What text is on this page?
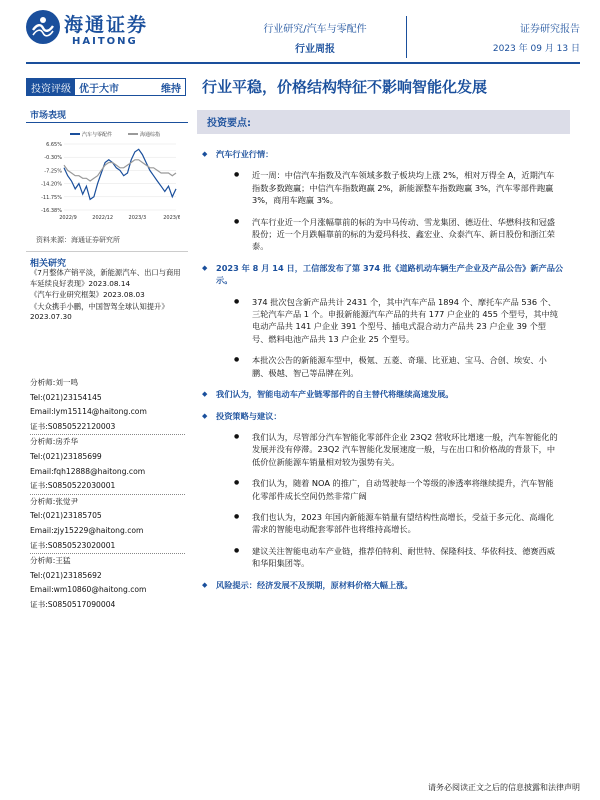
海通证券
HAITONG
行业研究/汽车与零配件
行业周报
证券研究报告
2023 年 09 月 13 日
投资评级 优于大市	维持 行业平稳，价格结构特征不影响智能化发展
市场表现
汽车与零配件	海通综指
6.65%
-0.30%
-7.25%
-14.20%
-11.75%
-16.38%
2022/9	2022/12	2023/3	2023/6
资料来源：海通证券研究所
相关研究
《7月整体产销平淡，新能源汽车、出口与商用车延续良好表现》2023.08.14
《汽车行业研究框架》2023.08.03
《大众携手小鹏，中国智驾全球认知提升》2023.07.30
分析师:刘一鸣
Tel:(021)23154145
Email:lym15114@haitong.com
证书:S0850522120003
分析师:房乔华
Tel:(021)23185699
Email:fqh12888@haitong.com
证书:S0850522030001
分析师:张觉尹
Tel:(021)23185705
Email:zjy15229@haitong.com
证书:S0850523020001
分析师:王猛
Tel:(021)23185692
Email:wm10860@haitong.com
证书:S0850517090004
投资要点:
◆ 汽车行业行情：
● 近一周：中信汽车指数及汽车领域多数子板块均上涨 2%，相对万得全 A，近期汽车指数多数跑赢；中信汽车指数跑赢 2%，新能源整车指数跑赢 3%，汽车零部件跑赢 3%，商用车跑赢 3%。
● 汽车行业近一个月涨幅靠前的标的为中马传动、雪龙集团、德迈仕、华懋科技和冠盛股份；近一个月跌幅靠前的标的为爱玛科技、鑫宏业、众泰汽车、新日股份和浙江荣泰。
◆ 2023 年 8 月 14 日，工信部发布了第 374 批《道路机动车辆生产企业及产品公告》新产品公示。
● 374 批次包含新产品共计 2431 个，其中汽车产品 1894 个、摩托车产品 536 个、三轮汽车产品 1 个。申报新能源汽车产品的共有 177 户企业的 455 个型号，其中纯电动产品共 141 户企业 391 个型号、插电式混合动力产品共 23 户企业 39 个型号、燃料电池产品共 13 户企业 25 个型号。
● 本批次公告的新能源车型中，极氪、五菱、奇瑞、比亚迪、宝马、合创、埃安、小鹏、极越、智己等品牌在列。
◆ 我们认为，智能电动车产业链零部件的自主替代将继续高速发展。
◆ 投资策略与建议：
● 我们认为，尽管部分汽车智能化零部件企业 23Q2 营收环比增速一般，汽车智能化的发展并没有停滞。23Q2 汽车智能化发展速度一般，与在出口和价格战的背景下，中低价位新能源车销量相对较为强势有关。
● 我们认为，随着 NOA 的推广，自动驾驶每一个等级的渗透率将继续提升，汽车智能化零部件成长空间仍然非常广阔
● 我们也认为，2023 年国内新能源车销量有望结构性高增长，受益于多元化、高端化需求的智能电动配套零部件也将维持高增长。
● 建议关注智能电动车产业链，推荐伯特利、耐世特、保隆科技、华依科技、德赛西威和华阳集团等。
◆ 风险提示：经济发展不及预期，原材料价格大幅上涨。
请务必阅读正文之后的信息披露和法律声明
